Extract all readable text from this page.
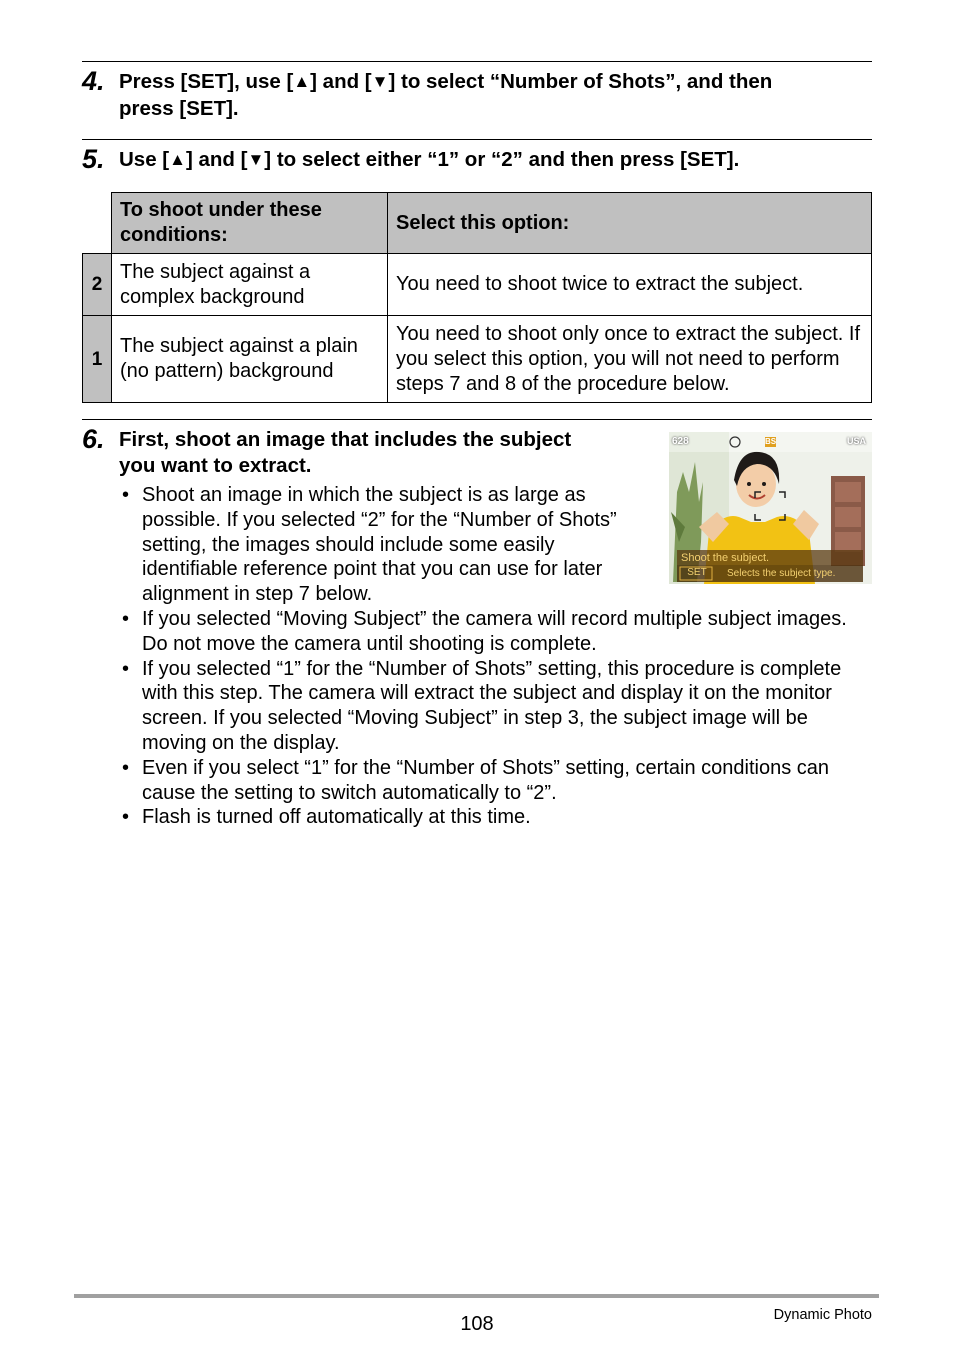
4. Press [SET], use [▲] and [▼] to select “Number of Shots”, and then
press [SET].
5. Use [▲] and [▼] to select either “1” or “2” and then press [SET].
	To shoot under these conditions:	Select this option:
2	The subject against a complex background	You need to shoot twice to extract the subject.
1	The subject against a plain (no pattern) background	You need to shoot only once to extract the subject. If you select this option, you will not need to perform steps 7 and 8 of the procedure below.
6. First, shoot an image that includes the subject
you want to extract.
• Shoot an image in which the subject is as large as possible. If you selected “2” for the “Number of Shots” setting, the images should include some easily identifiable reference point that you can use for later alignment in step 7 below.
• If you selected “Moving Subject” the camera will record multiple subject images. Do not move the camera until shooting is complete.
• If you selected “1” for the “Number of Shots” setting, this procedure is complete with this step. The camera will extract the subject and display it on the monitor screen. If you selected “Moving Subject” in step 3, the subject image will be moving on the display.
• Even if you select “1” for the “Number of Shots” setting, certain conditions can cause the setting to switch automatically to “2”.
• Flash is turned off automatically at this time.
628	BS	USA
Shoot the subject.
SET	Selects the subject type.
108	Dynamic Photo
